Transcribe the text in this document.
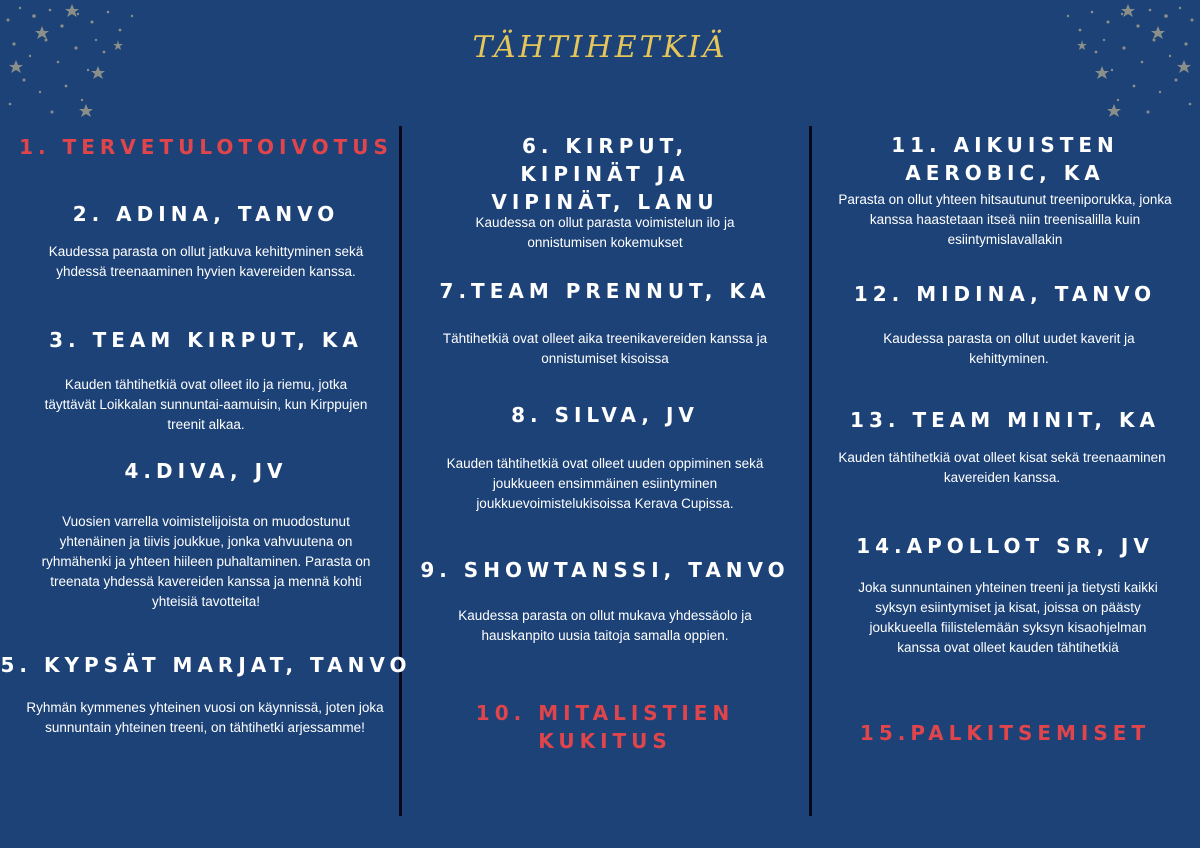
TÄHTIHETKIÄ
1. TERVETULOTOIVOTUS
2. ADINA, TANVO
Kaudessa parasta on ollut jatkuva kehittyminen sekä yhdessä treenaaminen hyvien kavereiden kanssa.
3. TEAM KIRPUT, KA
Kauden tähtihetkiä ovat olleet ilo ja riemu, jotka täyttävät Loikkalan sunnuntai-aamuisin, kun Kirppujen treenit alkaa.
4.DIVA, JV
Vuosien varrella voimistelijoista on muodostunut yhtenäinen ja tiivis joukkue, jonka vahvuutena on ryhmähenki ja yhteen hiileen puhaltaminen. Parasta on treenata yhdessä kavereiden kanssa ja mennä kohti yhteisiä tavotteita!
5. KYPSÄT MARJAT, TANVO
Ryhmän kymmenes yhteinen vuosi on käynnissä, joten joka sunnuntain yhteinen treeni, on tähtihetki arjessamme!
6. KIRPUT, KIPINÄT JA VIPINÄT, LANU
Kaudessa on ollut parasta voimistelun ilo ja onnistumisen kokemukset
7.TEAM PRENNUT, KA
Tähtihetkiä ovat olleet aika treenikavereiden kanssa ja onnistumiset kisoissa
8. SILVA, JV
Kauden tähtihetkiä ovat olleet uuden oppiminen sekä joukkueen ensimmäinen esiintyminen joukkuevoimistelukisoissa Kerava Cupissa.
9. SHOWTANSSI, TANVO
Kaudessa parasta on ollut mukava yhdessäolo ja hauskanpito uusia taitoja samalla oppien.
10. MITALISTIEN KUKITUS
11. AIKUISTEN AEROBIC, KA
Parasta on ollut yhteen hitsautunut treeniporukka, jonka kanssa haastetaan itseä niin treenisalilla kuin esiintymislavallakin
12. MIDINA, TANVO
Kaudessa parasta on ollut uudet kaverit ja kehittyminen.
13. TEAM MINIT, KA
Kauden tähtihetkiä ovat olleet kisat sekä treenaaminen kavereiden kanssa.
14.APOLLOT SR, JV
Joka sunnuntainen yhteinen treeni ja tietysti kaikki syksyn esiintymiset ja kisat, joissa on päästy joukkueella fiilistelemään syksyn kisaohjelman kanssa ovat olleet kauden tähtihetkiä
15.PALKITSEMISET
